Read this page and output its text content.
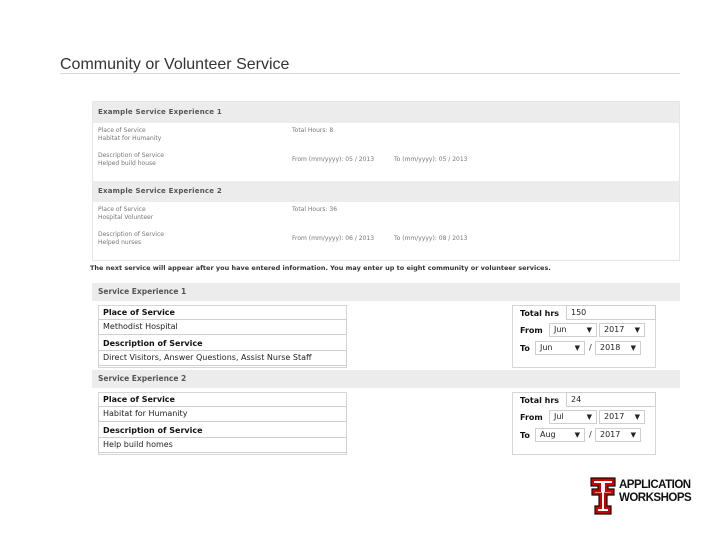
Community or Volunteer Service
Example Service Experience 1
Place of Service
Habitat for Humanity
Total Hours: 8
Description of Service
Helped build house
From (mm/yyyy): 05 / 2013	To (mm/yyyy): 05 / 2013
Example Service Experience 2
Place of Service
Hospital Volunteer
Total Hours: 36
Description of Service
Helped nurses
From (mm/yyyy): 06 / 2013	To (mm/yyyy): 08 / 2013
The next service will appear after you have entered information. You may enter up to eight community or volunteer services.
Service Experience 1
Place of Service
Methodist Hospital
Description of Service
Direct Visitors, Answer Questions, Assist Nurse Staff
Total hrs	150
From	Jun	▼	2017 ▼
To	Jun	▼ /	2018 ▼
Service Experience 2
Place of Service
Habitat for Humanity
Description of Service
Help build homes
Total hrs	24
From	Jul	▼	2017 ▼
To	Aug	▼ /	2017 ▼
APPLICATION
WORKSHOPS
